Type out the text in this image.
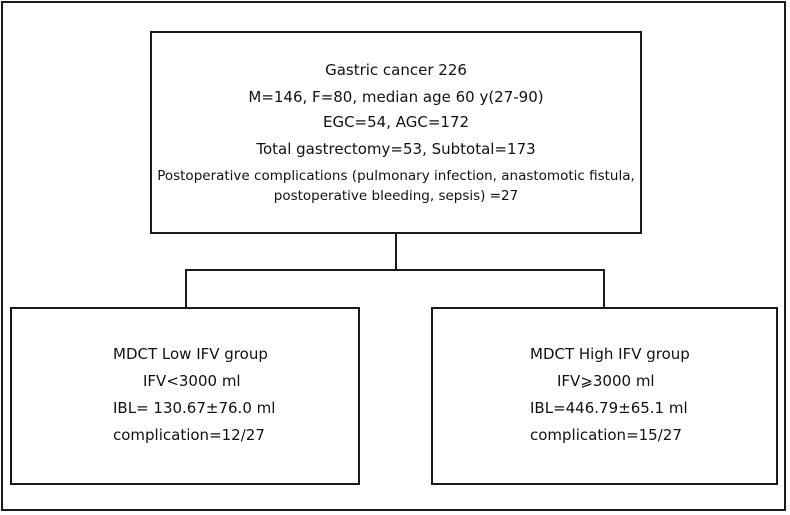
Gastric cancer 226
M=146, F=80, median age 60 y(27-90)
EGC=54, AGC=172
Total gastrectomy=53, Subtotal=173
Postoperative complications (pulmonary infection, anastomotic fistula,
postoperative bleeding, sepsis) =27
MDCT Low IFV group
IFV<3000 ml
IBL= 130.67±76.0 ml
complication=12/27
MDCT High IFV group
IFV⩾3000 ml
IBL=446.79±65.1 ml
complication=15/27
